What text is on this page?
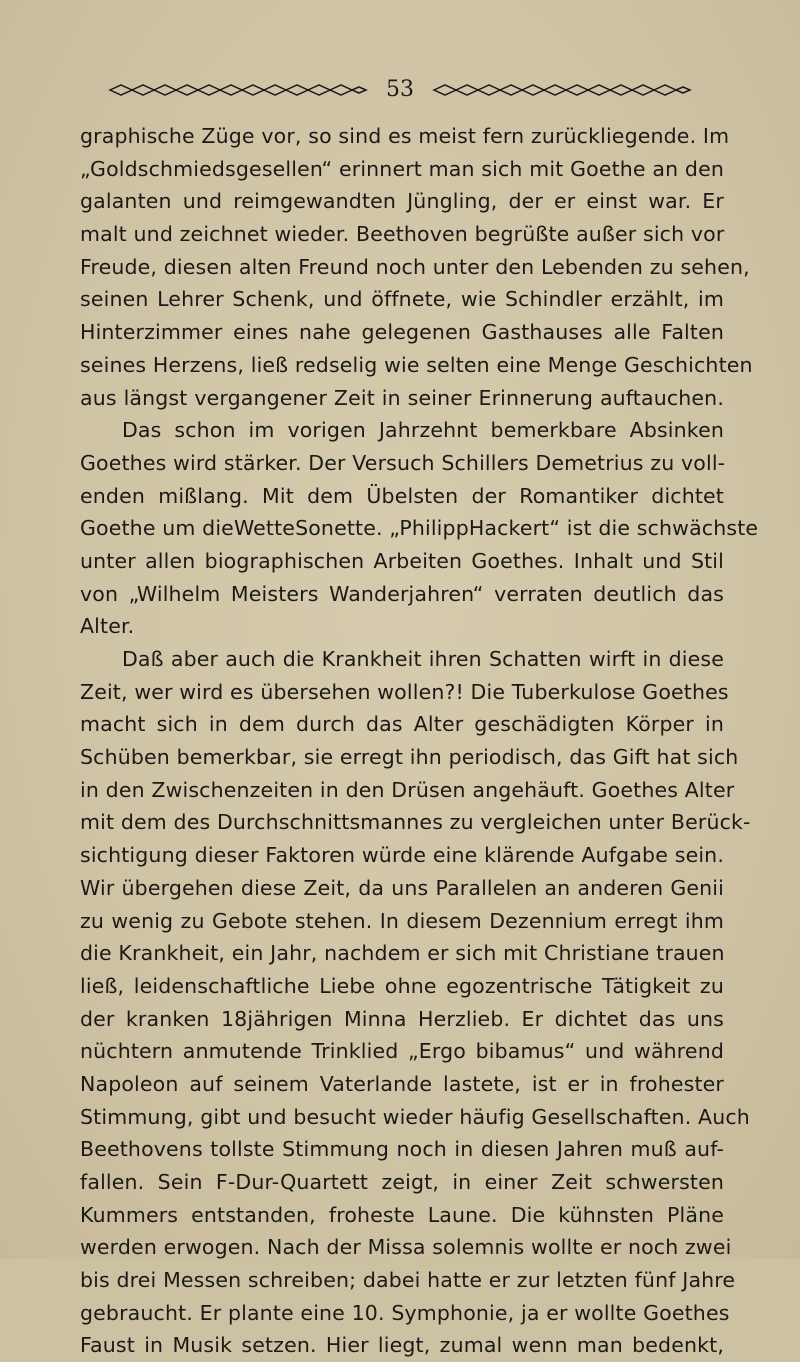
53
graphische Züge vor, so sind es meist fern zurückliegende. Im
„Goldschmiedsgesellen“ erinnert man sich mit Goethe an den
galanten und reimgewandten Jüngling, der er einst war. Er
malt und zeichnet wieder. Beethoven begrüßte außer sich vor
Freude, diesen alten Freund noch unter den Lebenden zu sehen,
seinen Lehrer Schenk, und öffnete, wie Schindler erzählt, im
Hinterzimmer eines nahe gelegenen Gasthauses alle Falten
seines Herzens, ließ redselig wie selten eine Menge Geschichten
aus längst vergangener Zeit in seiner Erinnerung auftauchen.
Das schon im vorigen Jahrzehnt bemerkbare Absinken
Goethes wird stärker. Der Versuch Schillers Demetrius zu voll-
enden mißlang. Mit dem Übelsten der Romantiker dichtet
Goethe um dieWetteSonette. „PhilippHackert“ ist die schwächste
unter allen biographischen Arbeiten Goethes. Inhalt und Stil
von „Wilhelm Meisters Wanderjahren“ verraten deutlich das
Alter.
Daß aber auch die Krankheit ihren Schatten wirft in diese
Zeit, wer wird es übersehen wollen?! Die Tuberkulose Goethes
macht sich in dem durch das Alter geschädigten Körper in
Schüben bemerkbar, sie erregt ihn periodisch, das Gift hat sich
in den Zwischenzeiten in den Drüsen angehäuft. Goethes Alter
mit dem des Durchschnittsmannes zu vergleichen unter Berück-
sichtigung dieser Faktoren würde eine klärende Aufgabe sein.
Wir übergehen diese Zeit, da uns Parallelen an anderen Genii
zu wenig zu Gebote stehen. In diesem Dezennium erregt ihm
die Krankheit, ein Jahr, nachdem er sich mit Christiane trauen
ließ, leidenschaftliche Liebe ohne egozentrische Tätigkeit zu
der kranken 18jährigen Minna Herzlieb. Er dichtet das uns
nüchtern anmutende Trinklied „Ergo bibamus“ und während
Napoleon auf seinem Vaterlande lastete, ist er in frohester
Stimmung, gibt und besucht wieder häufig Gesellschaften. Auch
Beethovens tollste Stimmung noch in diesen Jahren muß auf-
fallen. Sein F-Dur-Quartett zeigt, in einer Zeit schwersten
Kummers entstanden, froheste Laune. Die kühnsten Pläne
werden erwogen. Nach der Missa solemnis wollte er noch zwei
bis drei Messen schreiben; dabei hatte er zur letzten fünf Jahre
gebraucht. Er plante eine 10. Symphonie, ja er wollte Goethes
Faust in Musik setzen. Hier liegt, zumal wenn man bedenkt,
